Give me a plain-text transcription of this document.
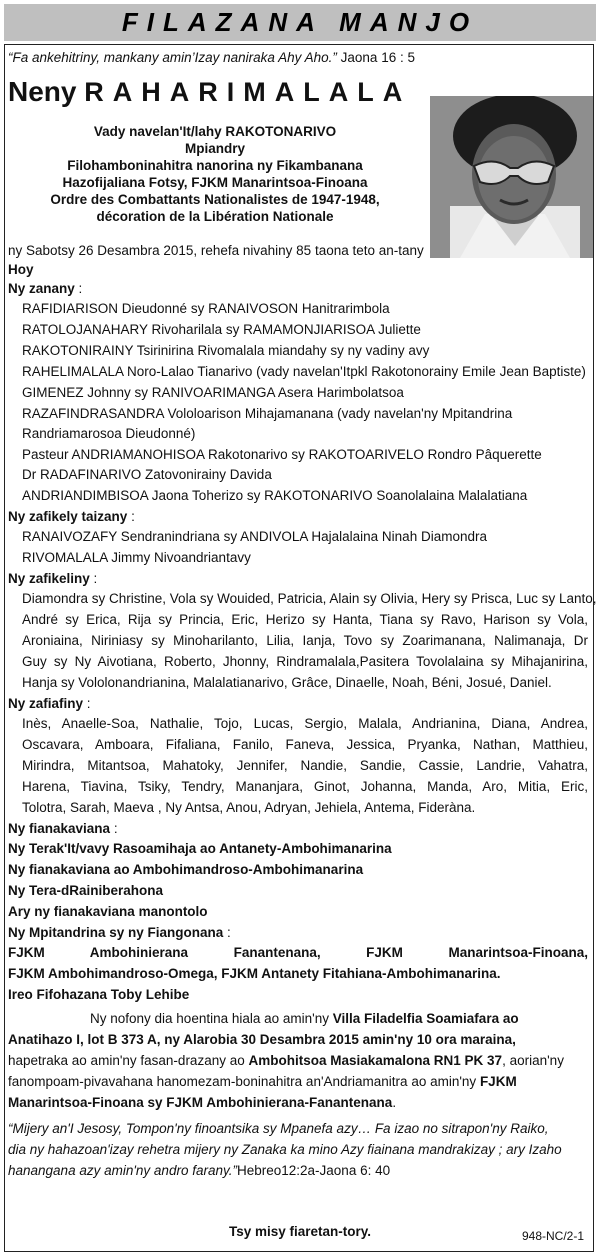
FILAZANA MANJO
“Fa ankehitriny, mankany amin’Izay naniraka Ahy Aho.” Jaona 16 : 5
Neny RAHARIMALALA
Vady navelan'It/lahy RAKOTONARIVO
Mpiandry
Filohamboninahitra nanorina ny Fikambanana
Hazofijaliana Fotsy, FJKM Manarintsoa-Finoana
Ordre des Combattants Nationalistes de 1947-1948,
décoration de la Libération Nationale
ny Sabotsy 26 Desambra 2015, rehefa nivahiny 85 taona teto an-tany
Hoy
Ny zanany :
RAFIDIARISON Dieudonné sy RANAIVOSON Hanitrarimbola
RATOLOJANAHARY Rivoharilala sy RAMAMONJIARISOA Juliette
RAKOTONIRAINY Tsirinirina Rivomalala miandahy sy ny vadiny avy
RAHELIMALALA Noro-Lalao Tianarivo (vady navelan'Itpkl Rakotonorainy Emile Jean Baptiste)
GIMENEZ Johnny sy RANIVOARIMANGA Asera Harimbolatsoa
RAZAFINDRASANDRA Vololoarison Mihajamanana (vady navelan'ny Mpitandrina
Randriamarosoa Dieudonné)
Pasteur ANDRIAMANOHISOA Rakotonarivo sy RAKOTOARIVELO Rondro Pâquerette
Dr RADAFINARIVO Zatovonirainy Davida
ANDRIANDIMBISOA Jaona Toherizo sy RAKOTONARIVO Soanolalaina Malalatiana
Ny zafikely taizany :
RANAIVOZAFY Sendranindriana sy ANDIVOLA Hajalalaina Ninah Diamondra
RIVOMALALA Jimmy Nivoandriantavy
Ny zafikeliny :
Diamondra sy Christine, Vola sy Wouided, Patricia, Alain sy Olivia, Hery sy Prisca, Luc sy Lanto,
André sy Erica, Rija sy Princia, Eric, Herizo sy Hanta, Tiana sy Ravo, Harison sy Vola,
Aroniaina, Niriniasy sy Minoharilanto, Lilia, Ianja, Tovo sy Zoarimanana, Nalimanaja, Dr
Guy sy Ny Aivotiana, Roberto, Jhonny, Rindramalala,Pasitera Tovolalaina sy Mihajanirina,
Hanja sy Vololonandrianina, Malalatianarivo, Grâce, Dinaelle, Noah, Béni, Josué, Daniel.
Ny zafiafiny :
Inès, Anaelle-Soa, Nathalie, Tojo, Lucas, Sergio, Malala, Andrianina, Diana, Andrea,
Oscavara, Amboara, Fifaliana, Fanilo, Faneva, Jessica, Pryanka, Nathan, Matthieu,
Mirindra, Mitantsoa, Mahatoky, Jennifer, Nandie, Sandie, Cassie, Landrie, Vahatra,
Harena, Tiavina, Tsiky, Tendry, Mananjara, Ginot, Johanna, Manda, Aro, Mitia, Eric,
Tolotra, Sarah, Maeva , Ny Antsa, Anou, Adryan, Jehiela, Antema, Fideràna.
Ny fianakaviana :
Ny Terak'It/vavy Rasoamihaja ao Antanety-Ambohimanarina
Ny fianakaviana ao Ambohimandroso-Ambohimanarina
Ny Tera-dRainiberahona
Ary ny fianakaviana manontolo
Ny Mpitandrina sy ny Fiangonana :
FJKM Ambohinierana Fanantenana, FJKM Manarintsoa-Finoana,
FJKM Ambohimandroso-Omega, FJKM Antanety Fitahiana-Ambohimanarina.
Ireo Fifohazana Toby Lehibe
Ny nofony dia hoentina hiala ao amin'ny Villa Filadelfia Soamiafara ao
Anatihazo I, lot B 373 A, ny Alarobia 30 Desambra 2015 amin'ny 10 ora maraina,
hapetraka ao amin'ny fasan-drazany ao Ambohitsoa Masiakamalona RN1 PK 37, aorian'ny
fanompoam-pivavahana hanomezam-boninahitra an'Andriamanitra ao amin'ny FJKM
Manarintsoa-Finoana sy FJKM Ambohinierana-Fanantenana.
“Mijery an'I Jesosy, Tompon'ny finoantsika sy Mpanefa azy… Fa izao no sitrapon'ny Raiko,
dia ny hahazoan'izay rehetra mijery ny Zanaka ka mino Azy fiainana mandrakizay ; ary Izaho
hanangana azy amin'ny andro farany.”Hebreo12:2a-Jaona 6: 40
Tsy misy fiaretan-tory.	948-NC/2-1
